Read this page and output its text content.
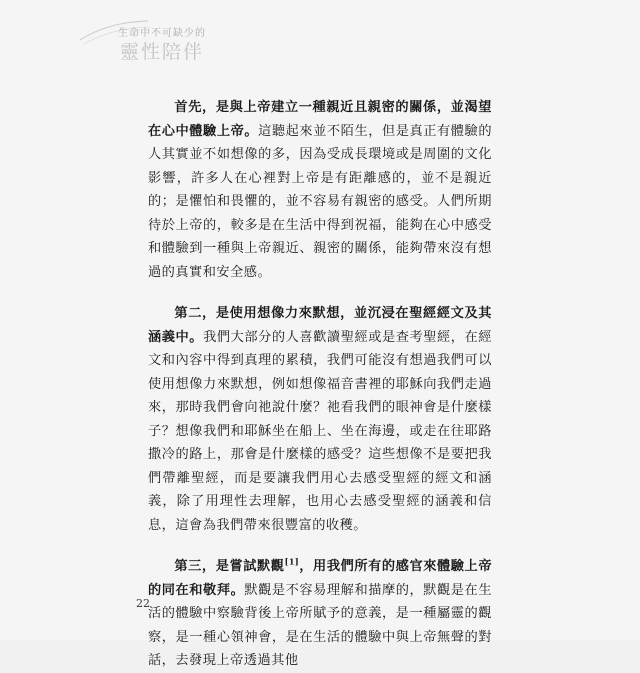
生命中不可缺少的
靈性陪伴

首先，是與上帝建立一種親近且親密的關係，並渴望在心中體驗上帝。這聽起來並不陌生，但是真正有體驗的人其實並不如想像的多，因為受成長環境或是周圍的文化影響，許多人在心裡對上帝是有距離感的，並不是親近的；是懼怕和畏懼的，並不容易有親密的感受。人們所期待於上帝的，較多是在生活中得到祝福，能夠在心中感受和體驗到一種與上帝親近、親密的關係，能夠帶來沒有想過的真實和安全感。

第二，是使用想像力來默想，並沉浸在聖經經文及其涵義中。我們大部分的人喜歡讀聖經或是查考聖經，在經文和內容中得到真理的累積，我們可能沒有想過我們可以使用想像力來默想，例如想像福音書裡的耶穌向我們走過來，那時我們會向祂說什麼？祂看我們的眼神會是什麼樣子？想像我們和耶穌坐在船上、坐在海邊，或走在往耶路撒冷的路上，那會是什麼樣的感受？這些想像不是要把我們帶離聖經，而是要讓我們用心去感受聖經的經文和涵義，除了用理性去理解，也用心去感受聖經的涵義和信息，這會為我們帶來很豐富的收穫。

第三，是嘗試默觀[1]，用我們所有的感官來體驗上帝的同在和敬拜。默觀是不容易理解和描摩的，默觀是在生活的體驗中察驗背後上帝所賦予的意義，是一種屬靈的觀察，是一種心領神會，是在生活的體驗中與上帝無聲的對話，去發現上帝透過其他

22
